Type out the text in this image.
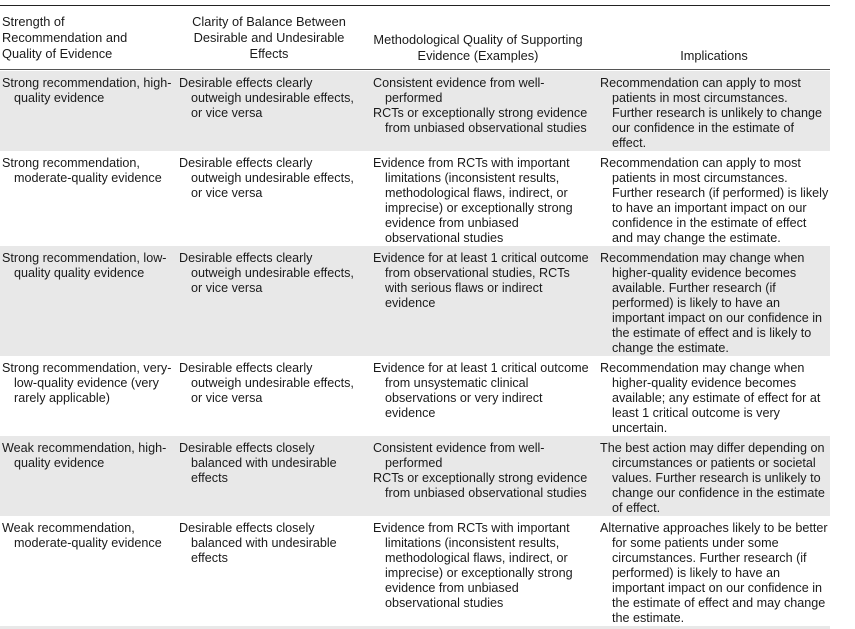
Strength of Recommendation and Quality of Evidence
Clarity of Balance Between Desirable and Undesirable Effects
Methodological Quality of Supporting Evidence (Examples)	Implications
Strong recommendation, high-quality evidence
Desirable effects clearly outweigh undesirable effects, or vice versa
Consistent evidence from well-performed
RCTs or exceptionally strong evidence from unbiased observational studies
Recommendation can apply to most patients in most circumstances. Further research is unlikely to change our confidence in the estimate of effect.
Strong recommendation, moderate-quality evidence
Desirable effects clearly outweigh undesirable effects, or vice versa
Evidence from RCTs with important limitations (inconsistent results, methodological flaws, indirect, or imprecise) or exceptionally strong evidence from unbiased observational studies
Recommendation can apply to most patients in most circumstances. Further research (if performed) is likely to have an important impact on our confidence in the estimate of effect and may change the estimate.
Strong recommendation, low-quality quality evidence
Desirable effects clearly outweigh undesirable effects, or vice versa
Evidence for at least 1 critical outcome from observational studies, RCTs with serious flaws or indirect evidence
Recommendation may change when higher-quality evidence becomes available. Further research (if performed) is likely to have an important impact on our confidence in the estimate of effect and is likely to change the estimate.
Strong recommendation, very-low-quality evidence (very rarely applicable)
Desirable effects clearly outweigh undesirable effects, or vice versa
Evidence for at least 1 critical outcome from unsystematic clinical observations or very indirect evidence
Recommendation may change when higher-quality evidence becomes available; any estimate of effect for at least 1 critical outcome is very uncertain.
Weak recommendation, high-quality evidence
Desirable effects closely balanced with undesirable effects
Consistent evidence from well-performed
RCTs or exceptionally strong evidence from unbiased observational studies
The best action may differ depending on circumstances or patients or societal values. Further research is unlikely to change our confidence in the estimate of effect.
Weak recommendation, moderate-quality evidence
Desirable effects closely balanced with undesirable effects
Evidence from RCTs with important limitations (inconsistent results, methodological flaws, indirect, or imprecise) or exceptionally strong evidence from unbiased observational studies
Alternative approaches likely to be better for some patients under some circumstances. Further research (if performed) is likely to have an important impact on our confidence in the estimate of effect and may change the estimate.
